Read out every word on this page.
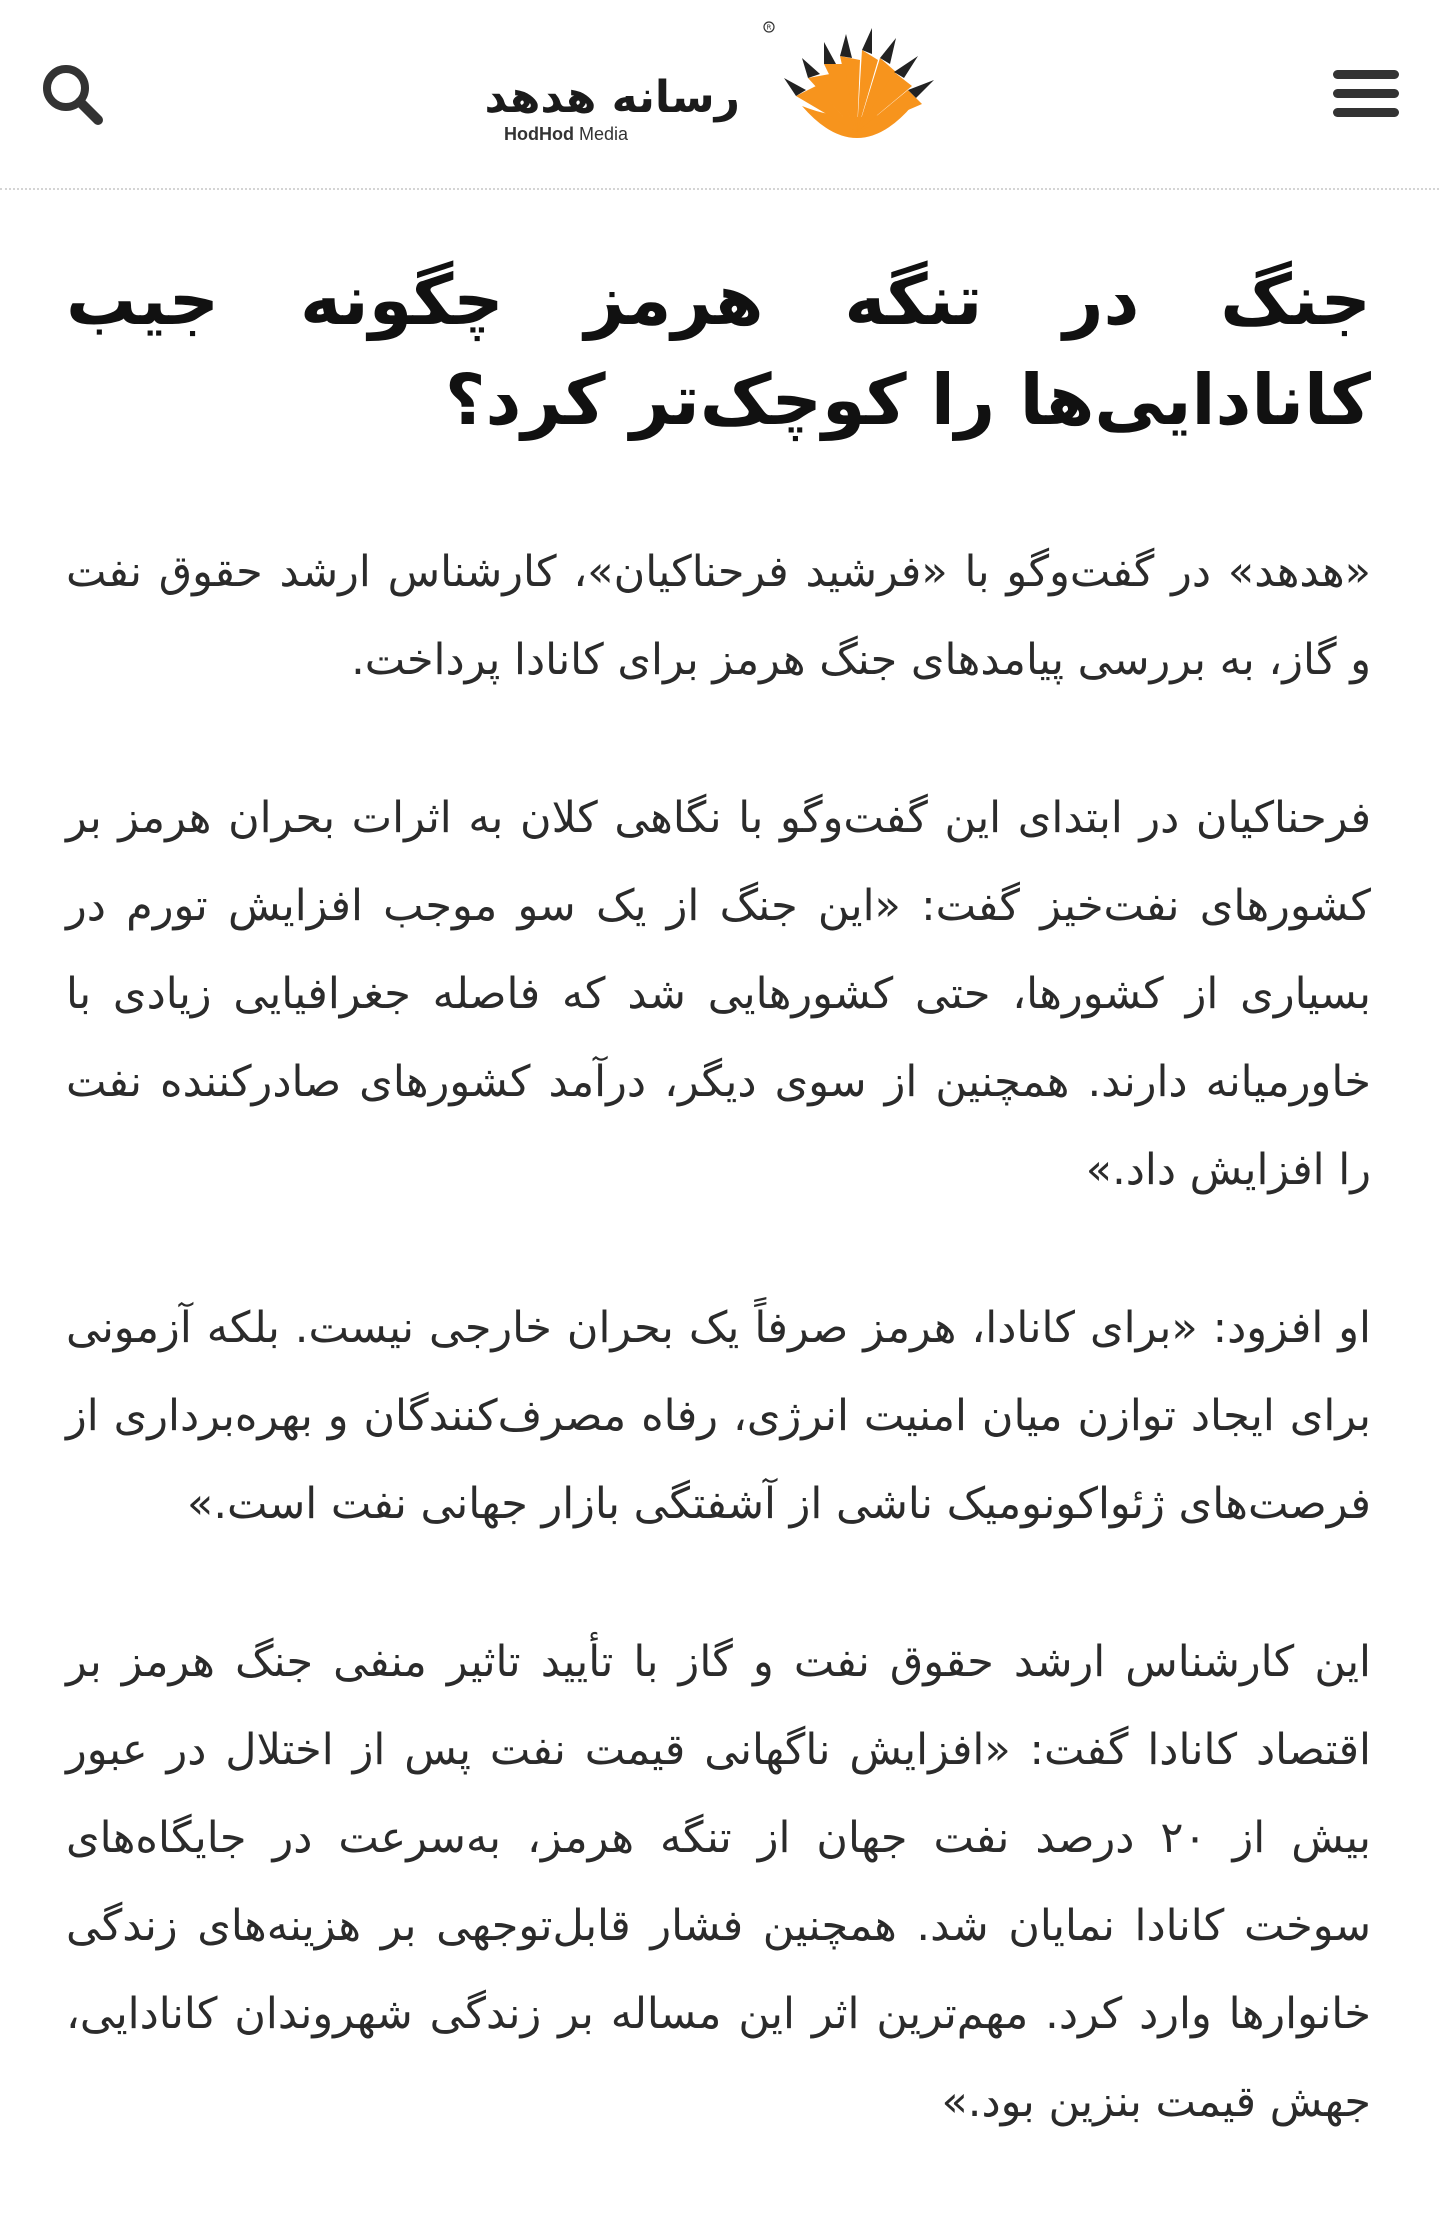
رسانه هدهد
HodHod Media
R
جنگ در تنگه هرمز چگونه جیب کانادایی‌ها را کوچک‌تر کرد؟

«هدهد» در گفت‌وگو با «فرشید فرحناکیان»، کارشناس ارشد حقوق نفت و گاز، به بررسی پیامدهای جنگ هرمز برای کانادا پرداخت.

فرحناکیان در ابتدای این گفت‌وگو با نگاهی کلان به اثرات بحران هرمز بر کشورهای نفت‌خیز گفت: «این جنگ از یک سو موجب افزایش تورم در بسیاری از کشورها، حتی کشورهایی شد که فاصله جغرافیایی زیادی با خاورمیانه دارند. همچنین از سوی دیگر، درآمد کشورهای صادرکننده نفت را افزایش داد.»

او افزود: «برای کانادا، هرمز صرفاً یک بحران خارجی نیست. بلکه آزمونی برای ایجاد توازن میان امنیت انرژی، رفاه مصرف‌کنندگان و بهره‌برداری از فرصت‌های ژئواکونومیک ناشی از آشفتگی بازار جهانی نفت است.»

این کارشناس ارشد حقوق نفت و گاز با تأیید تاثیر منفی جنگ هرمز بر اقتصاد کانادا گفت: «افزایش ناگهانی قیمت نفت پس از اختلال در عبور بیش از ۲۰ درصد نفت جهان از تنگه هرمز، به‌سرعت در جایگاه‌های سوخت کانادا نمایان شد. همچنین فشار قابل‌توجهی بر هزینه‌های زندگی خانوارها وارد کرد. مهم‌ترین اثر این مساله بر زندگی شهروندان کانادایی، جهش قیمت بنزین بود.»
